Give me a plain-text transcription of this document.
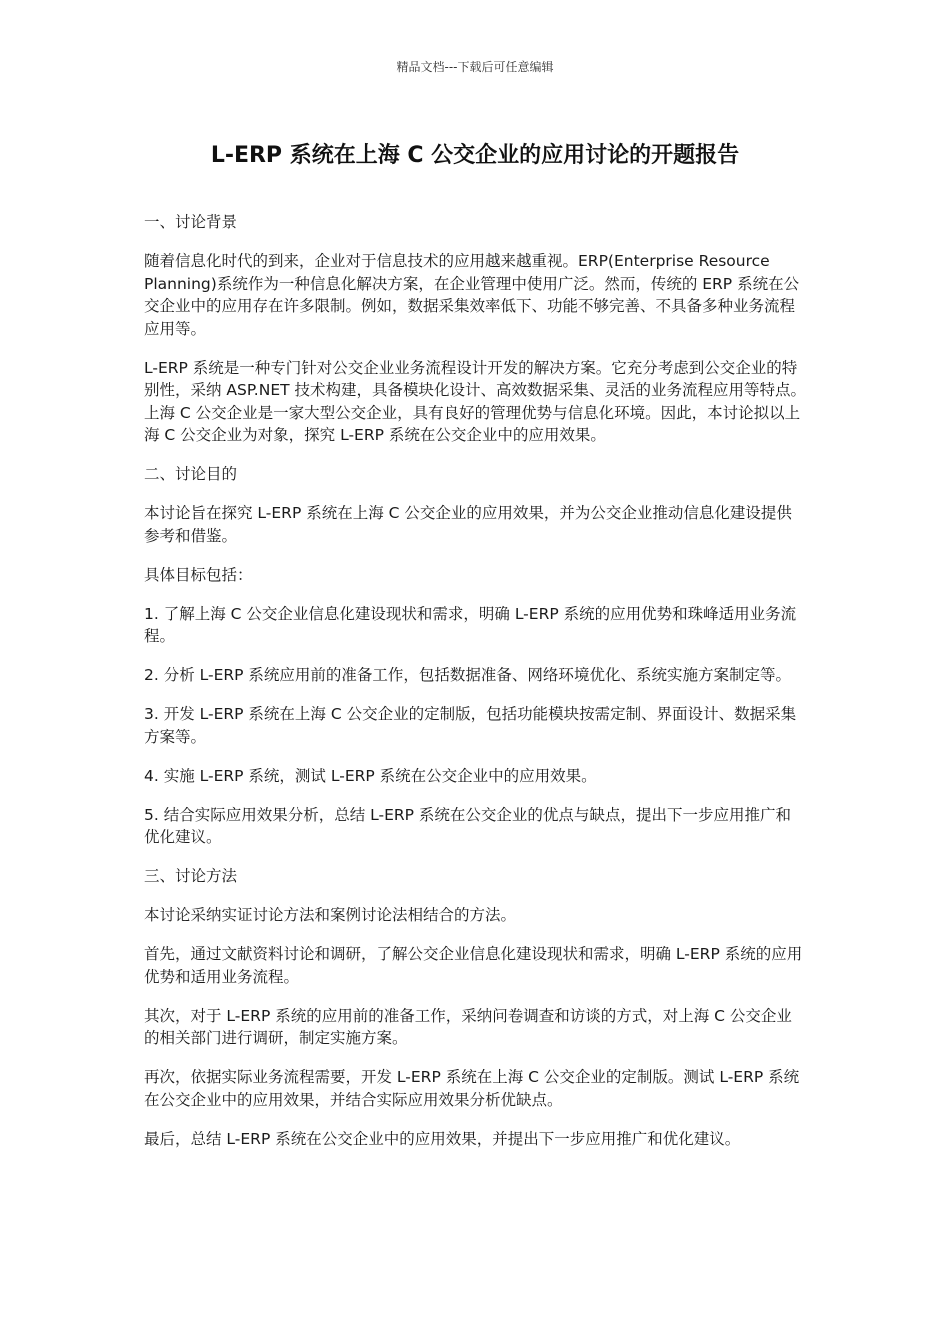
精品文档---下载后可任意编辑
L-ERP 系统在上海 C 公交企业的应用讨论的开题报告
一、讨论背景

随着信息化时代的到来，企业对于信息技术的应用越来越重视。ERP(Enterprise Resource Planning)系统作为一种信息化解决方案，在企业管理中使用广泛。然而，传统的 ERP 系统在公交企业中的应用存在许多限制。例如，数据采集效率低下、功能不够完善、不具备多种业务流程应用等。

L-ERP 系统是一种专门针对公交企业业务流程设计开发的解决方案。它充分考虑到公交企业的特别性，采纳 ASP.NET 技术构建，具备模块化设计、高效数据采集、灵活的业务流程应用等特点。上海 C 公交企业是一家大型公交企业，具有良好的管理优势与信息化环境。因此，本讨论拟以上海 C 公交企业为对象，探究 L-ERP 系统在公交企业中的应用效果。

二、讨论目的

本讨论旨在探究 L-ERP 系统在上海 C 公交企业的应用效果，并为公交企业推动信息化建设提供参考和借鉴。

具体目标包括：

1. 了解上海 C 公交企业信息化建设现状和需求，明确 L-ERP 系统的应用优势和珠峰适用业务流程。

2. 分析 L-ERP 系统应用前的准备工作，包括数据准备、网络环境优化、系统实施方案制定等。

3. 开发 L-ERP 系统在上海 C 公交企业的定制版，包括功能模块按需定制、界面设计、数据采集方案等。

4. 实施 L-ERP 系统，测试 L-ERP 系统在公交企业中的应用效果。

5. 结合实际应用效果分析，总结 L-ERP 系统在公交企业的优点与缺点，提出下一步应用推广和优化建议。

三、讨论方法

本讨论采纳实证讨论方法和案例讨论法相结合的方法。

首先，通过文献资料讨论和调研，了解公交企业信息化建设现状和需求，明确 L-ERP 系统的应用优势和适用业务流程。

其次，对于 L-ERP 系统的应用前的准备工作，采纳问卷调查和访谈的方式，对上海 C 公交企业的相关部门进行调研，制定实施方案。

再次，依据实际业务流程需要，开发 L-ERP 系统在上海 C 公交企业的定制版。测试 L-ERP 系统在公交企业中的应用效果，并结合实际应用效果分析优缺点。

最后，总结 L-ERP 系统在公交企业中的应用效果，并提出下一步应用推广和优化建议。
